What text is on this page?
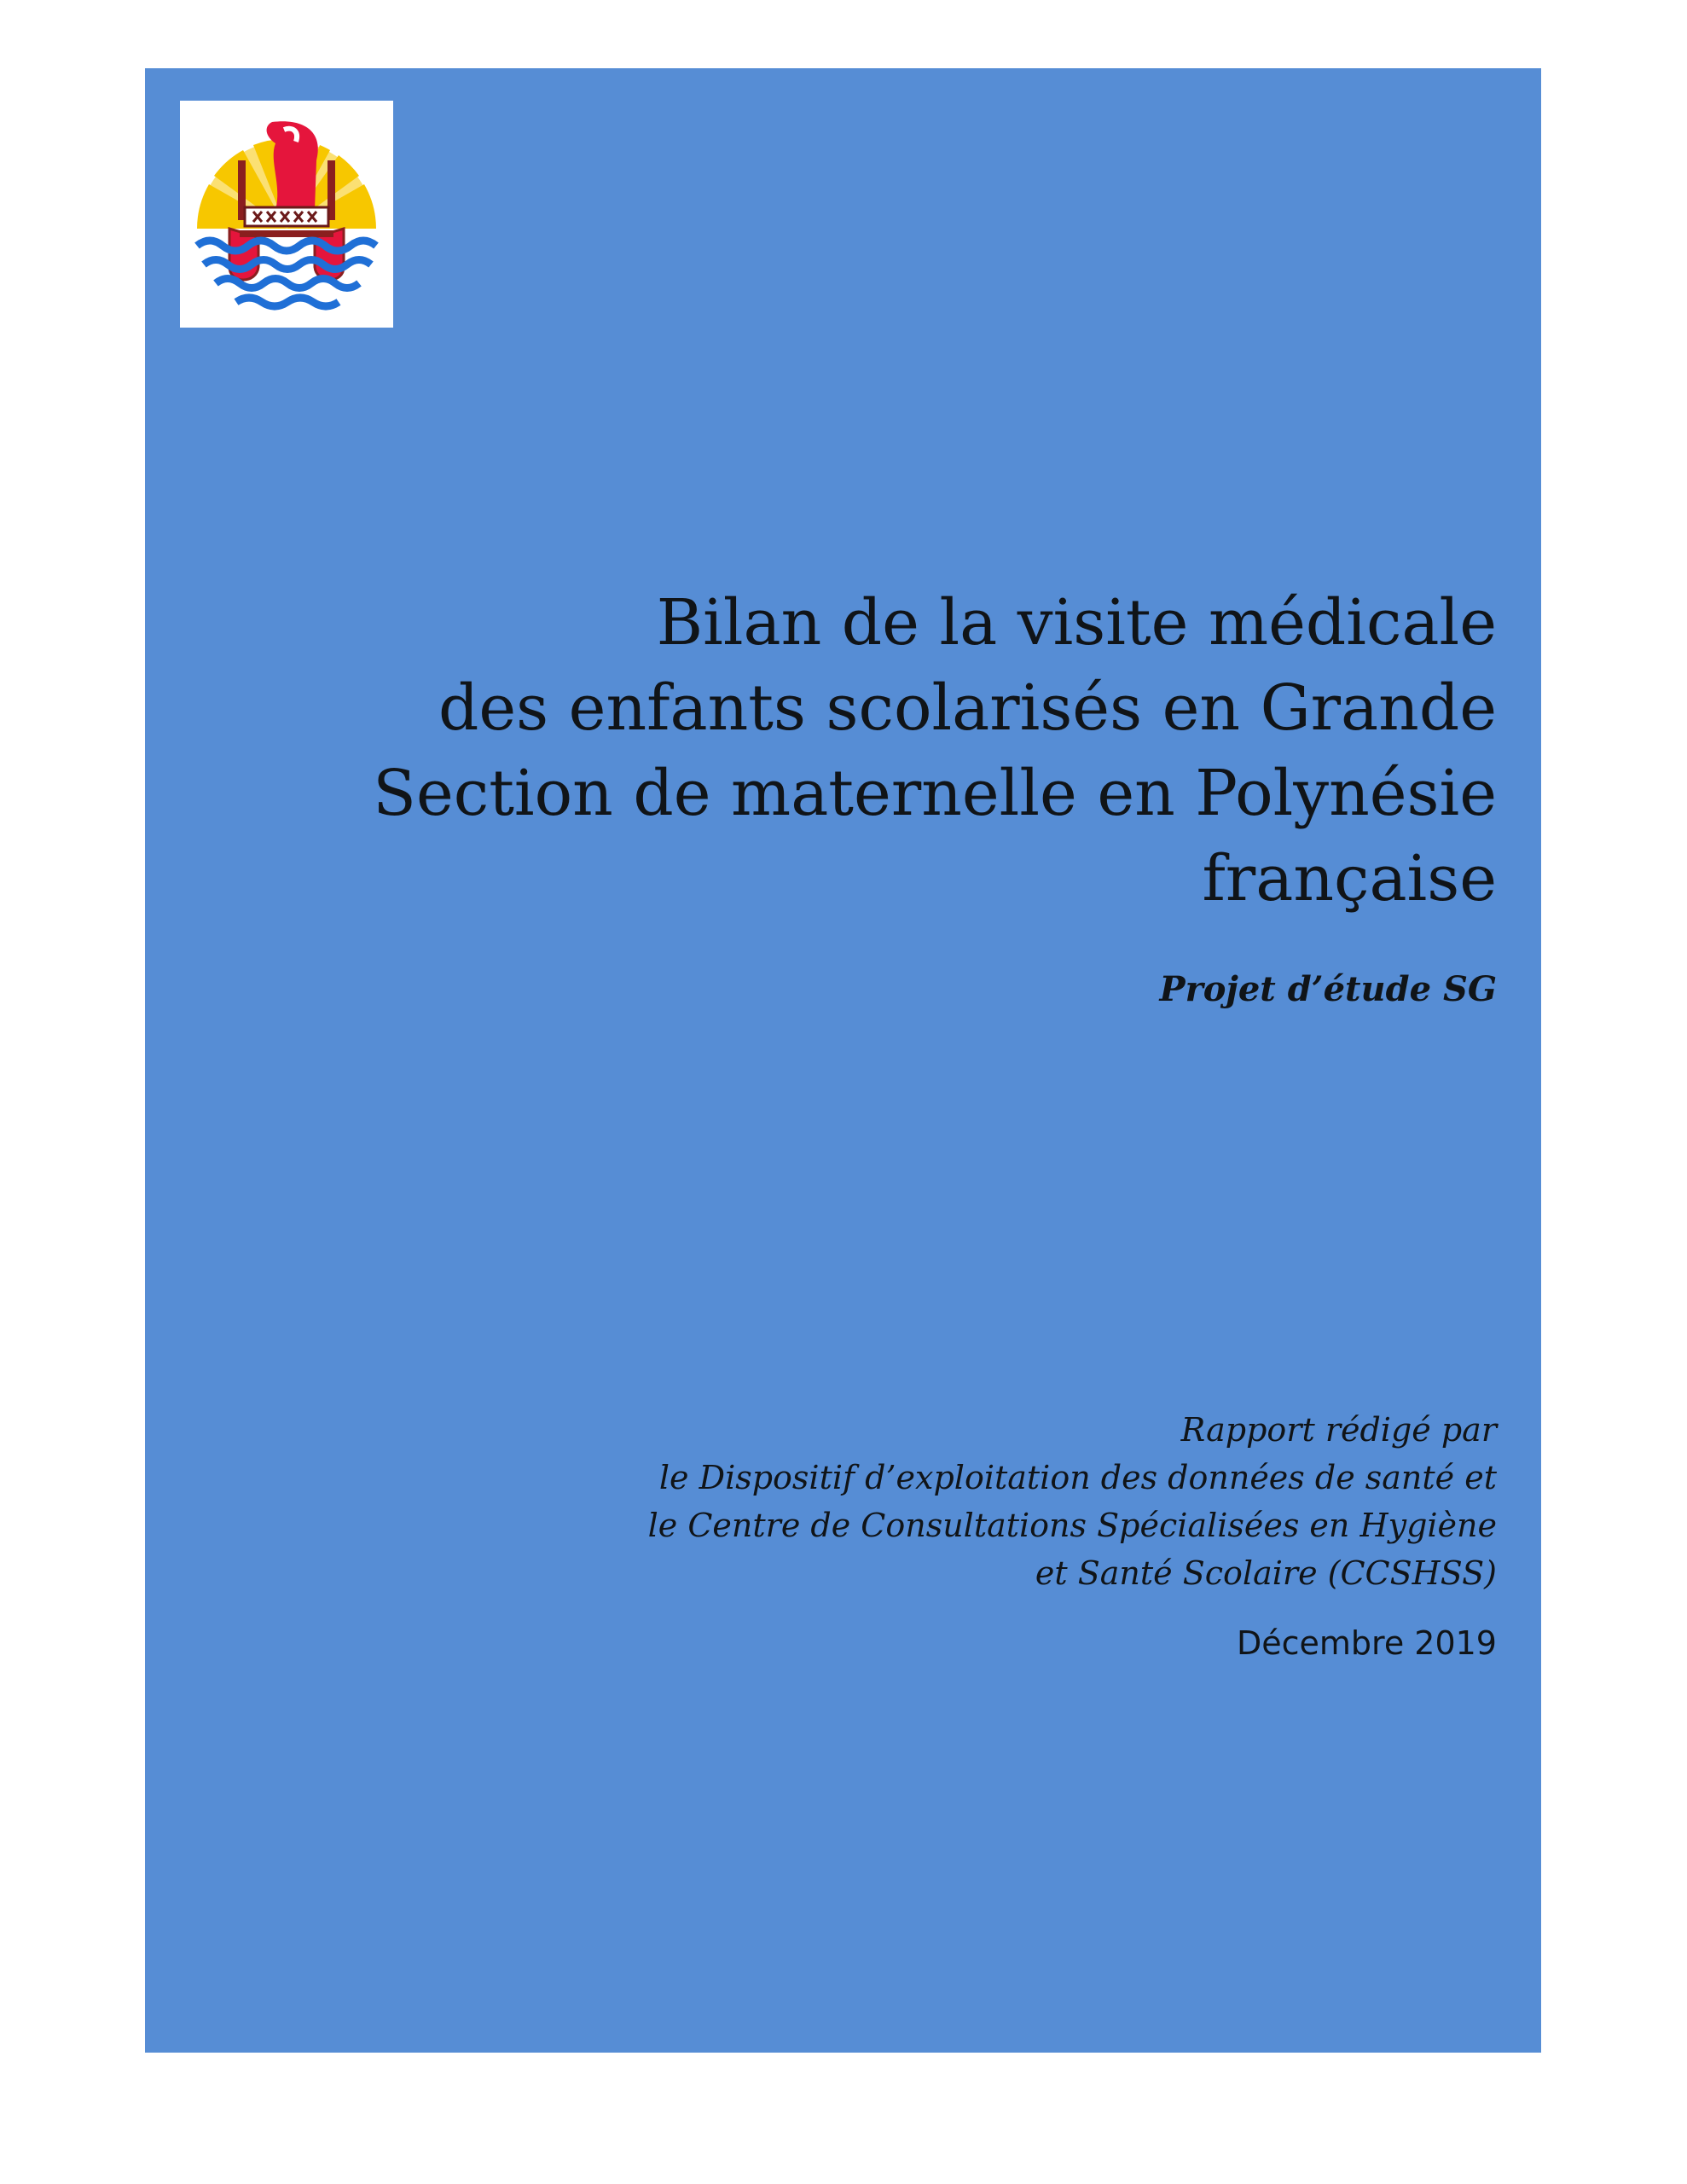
Bilan de la visite médicale
des enfants scolarisés en Grande
Section de maternelle en Polynésie
française

Projet d’étude SG

Rapport rédigé par
le Dispositif d’exploitation des données de santé et
le Centre de Consultations Spécialisées en Hygiène
et Santé Scolaire (CCSHSS)
Décembre 2019
